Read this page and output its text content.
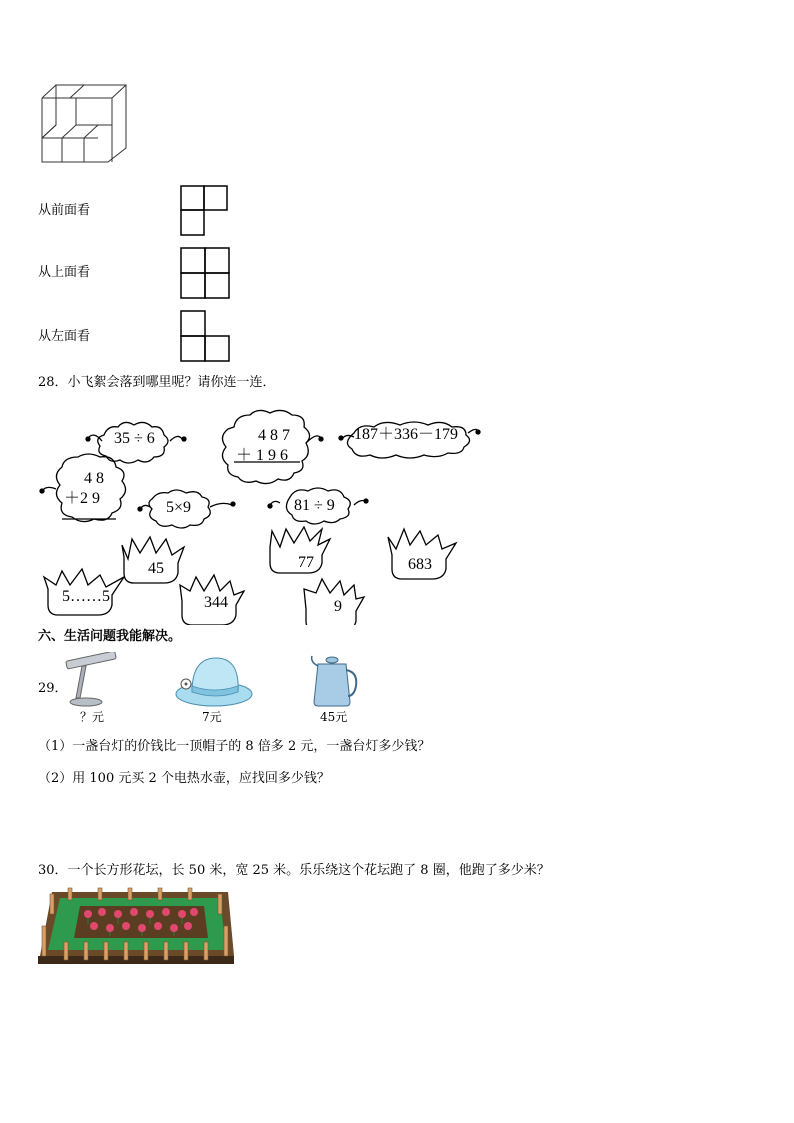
从前面看
从上面看
从左面看
28．小飞絮会落到哪里呢？请你连一连．
35 ÷ 6	4 8 7
＋ 1 9 6
187＋336－179
4 8
＋2 9
5×9	81 ÷ 9
45	77	683
5……5	344	9
六、生活问题我能解决。
29．
？元	7元	45元
（1）一盏台灯的价钱比一顶帽子的 8 倍多 2 元，一盏台灯多少钱？
（2）用 100 元买 2 个电热水壶，应找回多少钱？
30．一个长方形花坛，长 50 米，宽 25 米。乐乐绕这个花坛跑了 8 圈，他跑了多少米？
